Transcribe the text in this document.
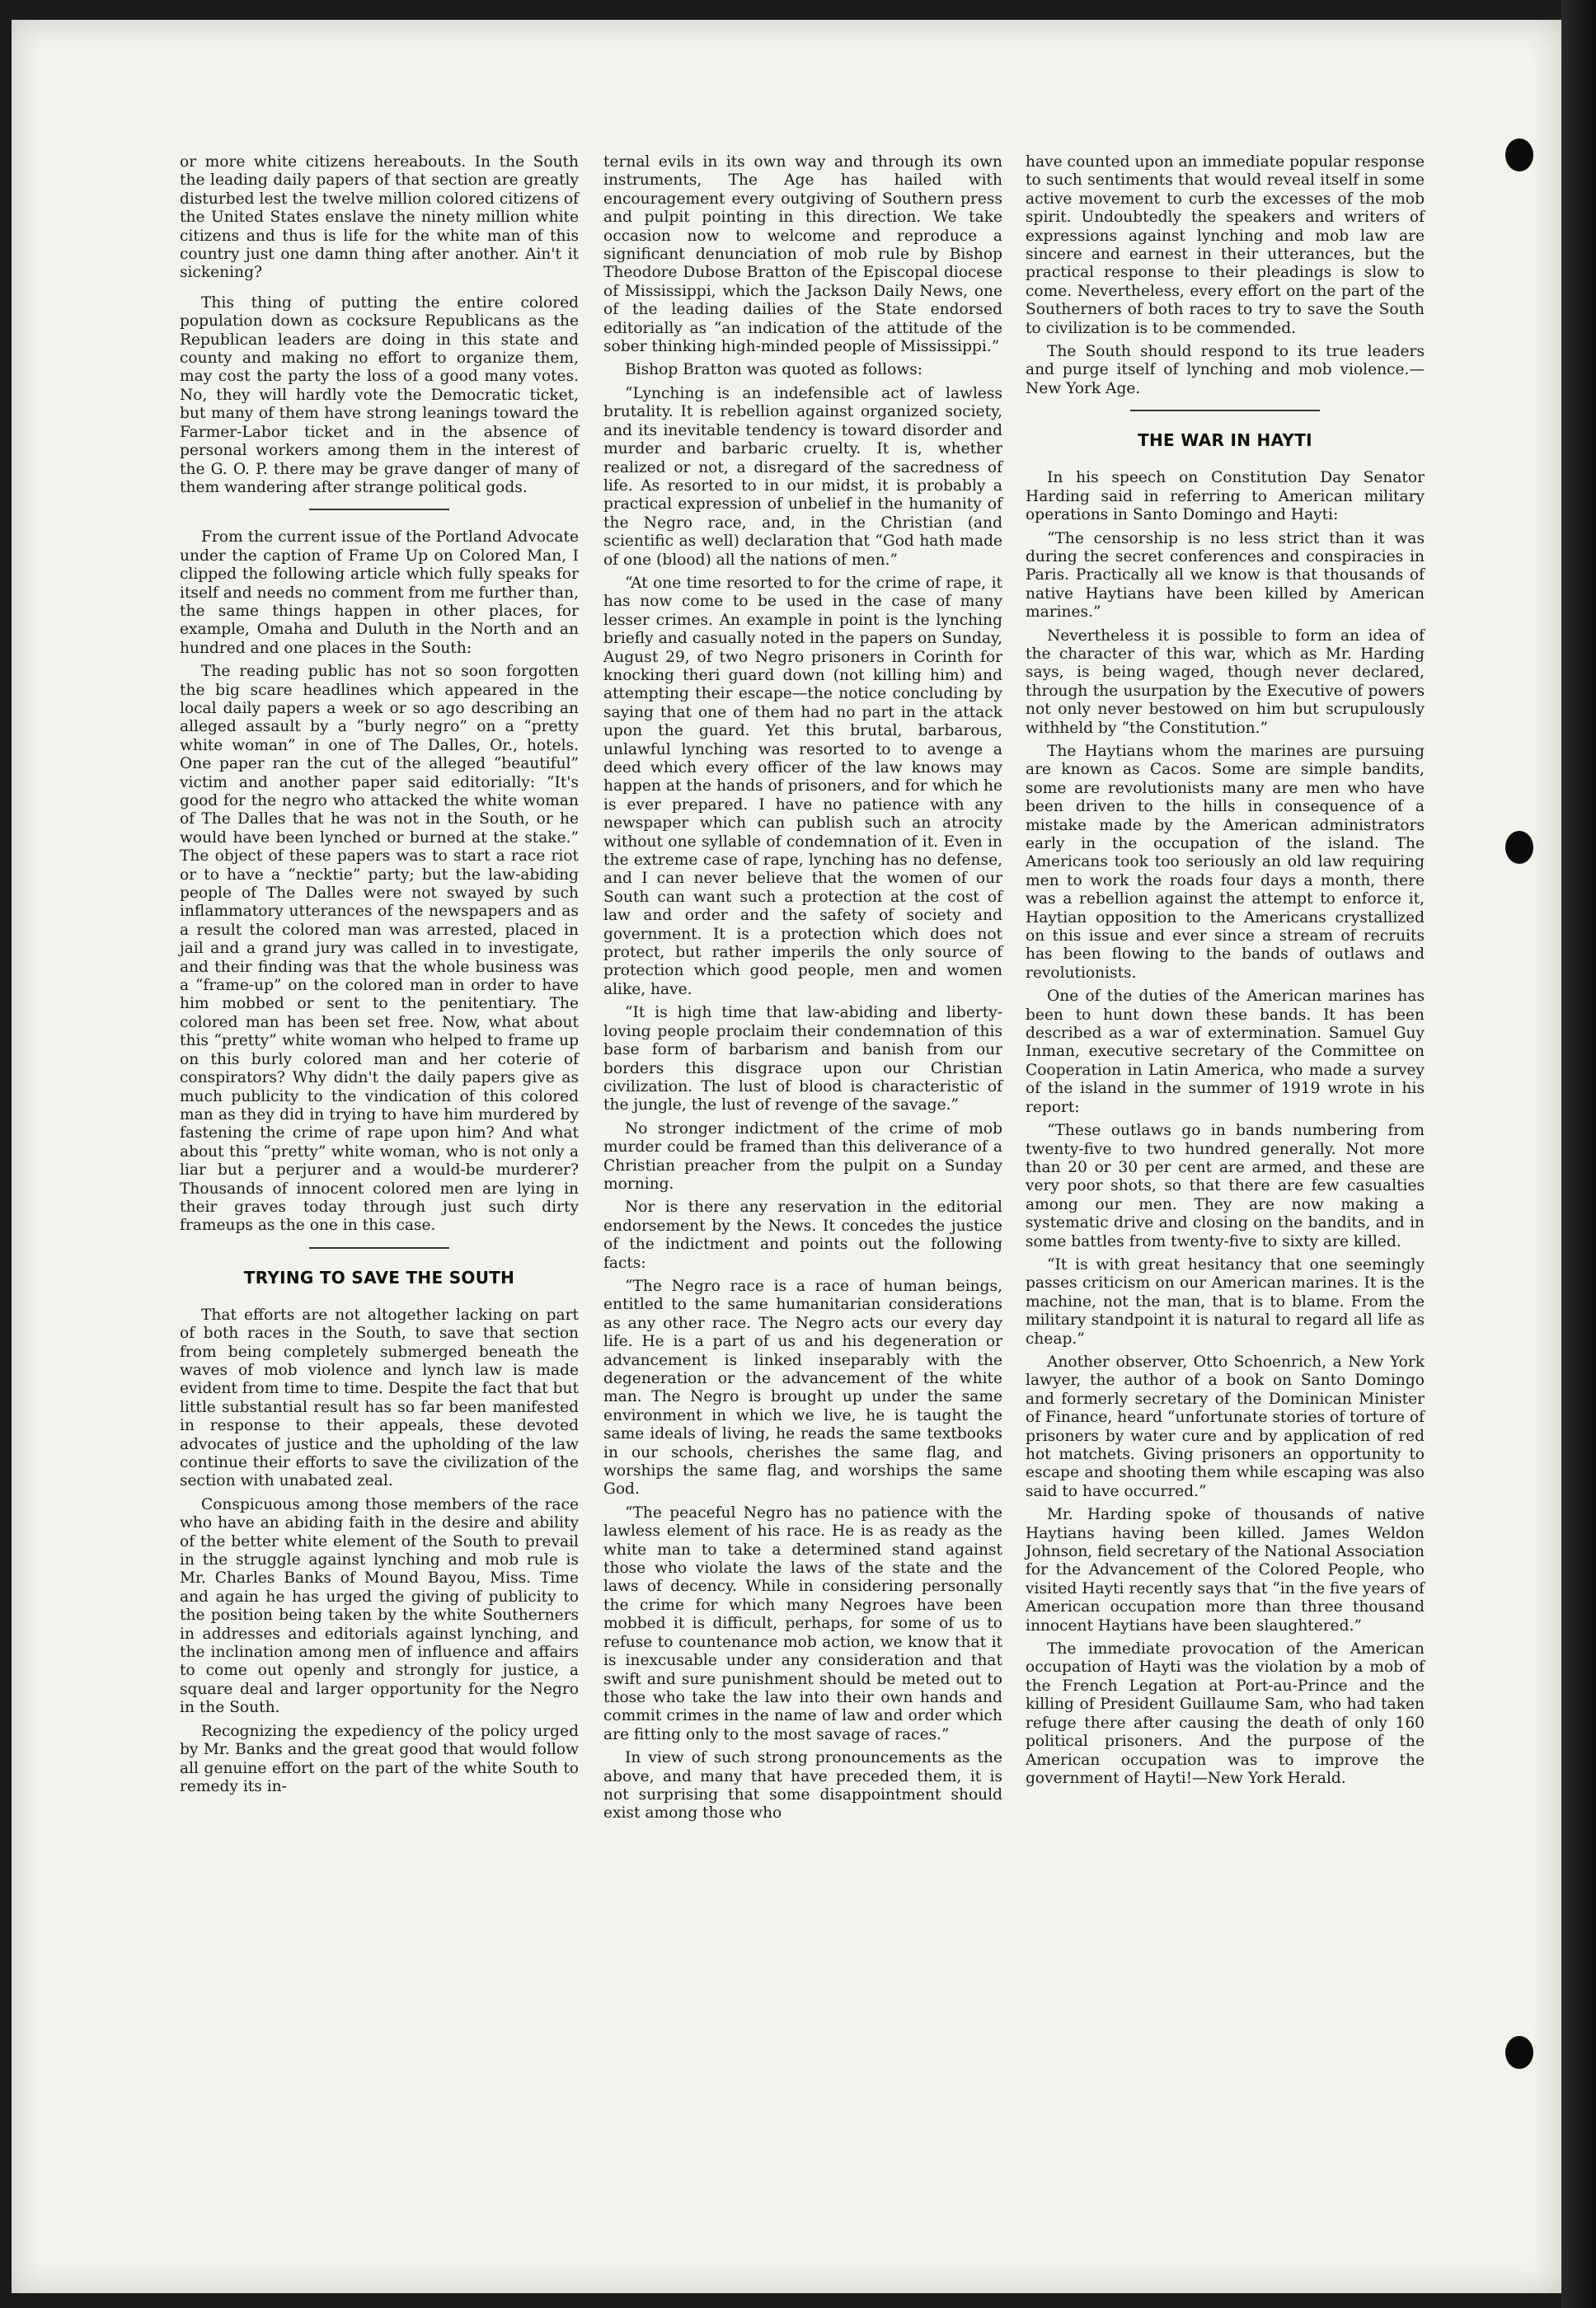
or more white citizens hereabouts. In the South the leading daily papers of that section are greatly disturbed lest the twelve million colored citizens of the United States enslave the ninety million white citizens and thus is life for the white man of this country just one damn thing after another. Ain't it sickening?

This thing of putting the entire colored population down as cocksure Republicans as the Republican leaders are doing in this state and county and making no effort to organize them, may cost the party the loss of a good many votes. No, they will hardly vote the Democratic ticket, but many of them have strong leanings toward the Farmer-Labor ticket and in the absence of personal workers among them in the interest of the G. O. P. there may be grave danger of many of them wandering after strange political gods.

From the current issue of the Portland Advocate under the caption of Frame Up on Colored Man, I clipped the following article which fully speaks for itself and needs no comment from me further than, the same things happen in other places, for example, Omaha and Duluth in the North and an hundred and one places in the South:

The reading public has not so soon forgotten the big scare headlines which appeared in the local daily papers a week or so ago describing an alleged assault by a “burly negro” on a “pretty white woman” in one of The Dalles, Or., hotels. One paper ran the cut of the alleged “beautiful” victim and another paper said editorially: “It's good for the negro who attacked the white woman of The Dalles that he was not in the South, or he would have been lynched or burned at the stake.” The object of these papers was to start a race riot or to have a “necktie” party; but the law-abiding people of The Dalles were not swayed by such inflammatory utterances of the newspapers and as a result the colored man was arrested, placed in jail and a grand jury was called in to investigate, and their finding was that the whole business was a “frame-up” on the colored man in order to have him mobbed or sent to the penitentiary. The colored man has been set free. Now, what about this “pretty” white woman who helped to frame up on this burly colored man and her coterie of conspirators? Why didn't the daily papers give as much publicity to the vindication of this colored man as they did in trying to have him murdered by fastening the crime of rape upon him? And what about this “pretty” white woman, who is not only a liar but a perjurer and a would-be murderer? Thousands of innocent colored men are lying in their graves today through just such dirty frameups as the one in this case.

TRYING TO SAVE THE SOUTH

That efforts are not altogether lacking on part of both races in the South, to save that section from being completely submerged beneath the waves of mob violence and lynch law is made evident from time to time. Despite the fact that but little substantial result has so far been manifested in response to their appeals, these devoted advocates of justice and the upholding of the law continue their efforts to save the civilization of the section with unabated zeal.

Conspicuous among those members of the race who have an abiding faith in the desire and ability of the better white element of the South to prevail in the struggle against lynching and mob rule is Mr. Charles Banks of Mound Bayou, Miss. Time and again he has urged the giving of publicity to the position being taken by the white Southerners in addresses and editorials against lynching, and the inclination among men of influence and affairs to come out openly and strongly for justice, a square deal and larger opportunity for the Negro in the South.

Recognizing the expediency of the policy urged by Mr. Banks and the great good that would follow all genuine effort on the part of the white South to remedy its in-

ternal evils in its own way and through its own instruments, The Age has hailed with encouragement every outgiving of Southern press and pulpit pointing in this direction. We take occasion now to welcome and reproduce a significant denunciation of mob rule by Bishop Theodore Dubose Bratton of the Episcopal diocese of Mississippi, which the Jackson Daily News, one of the leading dailies of the State endorsed editorially as “an indication of the attitude of the sober thinking high-minded people of Mississippi.”

Bishop Bratton was quoted as follows:

“Lynching is an indefensible act of lawless brutality. It is rebellion against organized society, and its inevitable tendency is toward disorder and murder and barbaric cruelty. It is, whether realized or not, a disregard of the sacredness of life. As resorted to in our midst, it is probably a practical expression of unbelief in the humanity of the Negro race, and, in the Christian (and scientific as well) declaration that “God hath made of one (blood) all the nations of men.”

“At one time resorted to for the crime of rape, it has now come to be used in the case of many lesser crimes. An example in point is the lynching briefly and casually noted in the papers on Sunday, August 29, of two Negro prisoners in Corinth for knocking theri guard down (not killing him) and attempting their escape—the notice concluding by saying that one of them had no part in the attack upon the guard. Yet this brutal, barbarous, unlawful lynching was resorted to to avenge a deed which every officer of the law knows may happen at the hands of prisoners, and for which he is ever prepared. I have no patience with any newspaper which can publish such an atrocity without one syllable of condemnation of it. Even in the extreme case of rape, lynching has no defense, and I can never believe that the women of our South can want such a protection at the cost of law and order and the safety of society and government. It is a protection which does not protect, but rather imperils the only source of protection which good people, men and women alike, have.

“It is high time that law-abiding and liberty-loving people proclaim their condemnation of this base form of barbarism and banish from our borders this disgrace upon our Christian civilization. The lust of blood is characteristic of the jungle, the lust of revenge of the savage.”

No stronger indictment of the crime of mob murder could be framed than this deliverance of a Christian preacher from the pulpit on a Sunday morning.

Nor is there any reservation in the editorial endorsement by the News. It concedes the justice of the indictment and points out the following facts:

“The Negro race is a race of human beings, entitled to the same humanitarian considerations as any other race. The Negro acts our every day life. He is a part of us and his degeneration or advancement is linked inseparably with the degeneration or the advancement of the white man. The Negro is brought up under the same environment in which we live, he is taught the same ideals of living, he reads the same textbooks in our schools, cherishes the same flag, and worships the same flag, and worships the same God.

“The peaceful Negro has no patience with the lawless element of his race. He is as ready as the white man to take a determined stand against those who violate the laws of the state and the laws of decency. While in considering personally the crime for which many Negroes have been mobbed it is difficult, perhaps, for some of us to refuse to countenance mob action, we know that it is inexcusable under any consideration and that swift and sure punishment should be meted out to those who take the law into their own hands and commit crimes in the name of law and order which are fitting only to the most savage of races.”

In view of such strong pronouncements as the above, and many that have preceded them, it is not surprising that some disappointment should exist among those who

have counted upon an immediate popular response to such sentiments that would reveal itself in some active movement to curb the excesses of the mob spirit. Undoubtedly the speakers and writers of expressions against lynching and mob law are sincere and earnest in their utterances, but the practical response to their pleadings is slow to come. Nevertheless, every effort on the part of the Southerners of both races to try to save the South to civilization is to be commended.

The South should respond to its true leaders and purge itself of lynching and mob violence.—New York Age.

THE WAR IN HAYTI

In his speech on Constitution Day Senator Harding said in referring to American military operations in Santo Domingo and Hayti:

“The censorship is no less strict than it was during the secret conferences and conspiracies in Paris. Practically all we know is that thousands of native Haytians have been killed by American marines.”

Nevertheless it is possible to form an idea of the character of this war, which as Mr. Harding says, is being waged, though never declared, through the usurpation by the Executive of powers not only never bestowed on him but scrupulously withheld by “the Constitution.”

The Haytians whom the marines are pursuing are known as Cacos. Some are simple bandits, some are revolutionists many are men who have been driven to the hills in consequence of a mistake made by the American administrators early in the occupation of the island. The Americans took too seriously an old law requiring men to work the roads four days a month, there was a rebellion against the attempt to enforce it, Haytian opposition to the Americans crystallized on this issue and ever since a stream of recruits has been flowing to the bands of outlaws and revolutionists.

One of the duties of the American marines has been to hunt down these bands. It has been described as a war of extermination. Samuel Guy Inman, executive secretary of the Committee on Cooperation in Latin America, who made a survey of the island in the summer of 1919 wrote in his report:

“These outlaws go in bands numbering from twenty-five to two hundred generally. Not more than 20 or 30 per cent are armed, and these are very poor shots, so that there are few casualties among our men. They are now making a systematic drive and closing on the bandits, and in some battles from twenty-five to sixty are killed.

“It is with great hesitancy that one seemingly passes criticism on our American marines. It is the machine, not the man, that is to blame. From the military standpoint it is natural to regard all life as cheap.”

Another observer, Otto Schoenrich, a New York lawyer, the author of a book on Santo Domingo and formerly secretary of the Dominican Minister of Finance, heard “unfortunate stories of torture of prisoners by water cure and by application of red hot matchets. Giving prisoners an opportunity to escape and shooting them while escaping was also said to have occurred.”

Mr. Harding spoke of thousands of native Haytians having been killed. James Weldon Johnson, field secretary of the National Association for the Advancement of the Colored People, who visited Hayti recently says that “in the five years of American occupation more than three thousand innocent Haytians have been slaughtered.”

The immediate provocation of the American occupation of Hayti was the violation by a mob of the French Legation at Port-au-Prince and the killing of President Guillaume Sam, who had taken refuge there after causing the death of only 160 political prisoners. And the purpose of the American occupation was to improve the government of Hayti!—New York Herald.
